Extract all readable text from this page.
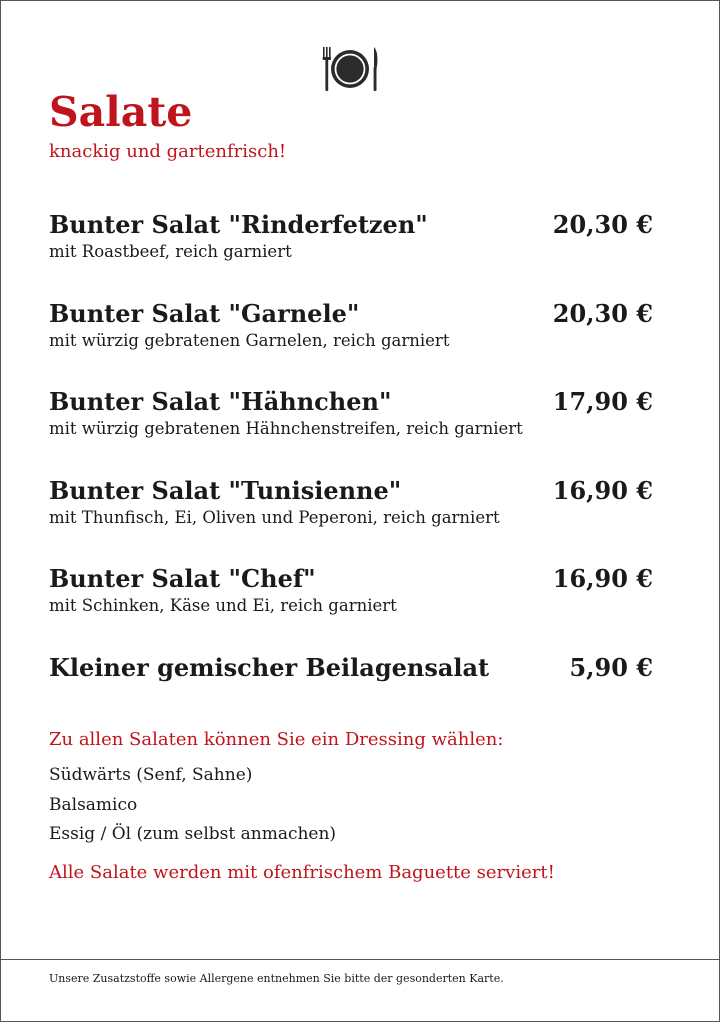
Salate
knackig und gartenfrisch!
Bunter Salat "Rinderfetzen"	20,30 €
mit Roastbeef, reich garniert
Bunter Salat "Garnele"	20,30 €
mit würzig gebratenen Garnelen, reich garniert
Bunter Salat "Hähnchen"	17,90 €
mit würzig gebratenen Hähnchenstreifen, reich garniert
Bunter Salat "Tunisienne"	16,90 €
mit Thunfisch, Ei, Oliven und Peperoni, reich garniert
Bunter Salat "Chef"	16,90 €
mit Schinken, Käse und Ei, reich garniert
Kleiner gemischer Beilagensalat	5,90 €
Zu allen Salaten können Sie ein Dressing wählen:
Südwärts (Senf, Sahne)
Balsamico
Essig / Öl (zum selbst anmachen)
Alle Salate werden mit ofenfrischem Baguette serviert!
Unsere Zusatzstoffe sowie Allergene entnehmen Sie bitte der gesonderten Karte.
